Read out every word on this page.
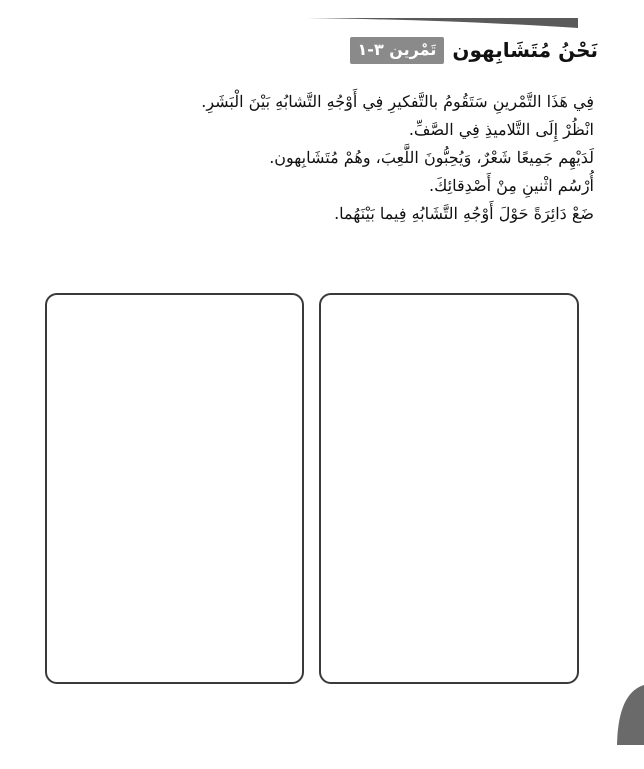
تَمْرين ٣-١ نَحْنُ مُتَشَابِهون

فِي هَذَا التَّمْرينِ سَتَقُومُ بالتَّفكيرِ فِي أَوْجُهِ التَّشابُهِ بَيْنَ الْبَشَرِ.

انْظُرْ إِلَى التَّلاميذِ فِي الصَّفِّ.

لَدَيْهِم جَمِيعًا شَعْرٌ، وَيُحِبُّونَ اللَّعِبَ، وهُمْ مُتَشَابِهون.

أُرْسُم اثْنينِ مِنْ أَصْدِقائِكَ.

ضَعْ دَائِرَةً حَوْلَ أَوْجُهِ التَّشَابُهِ فِيما بَيْنَهُما.
